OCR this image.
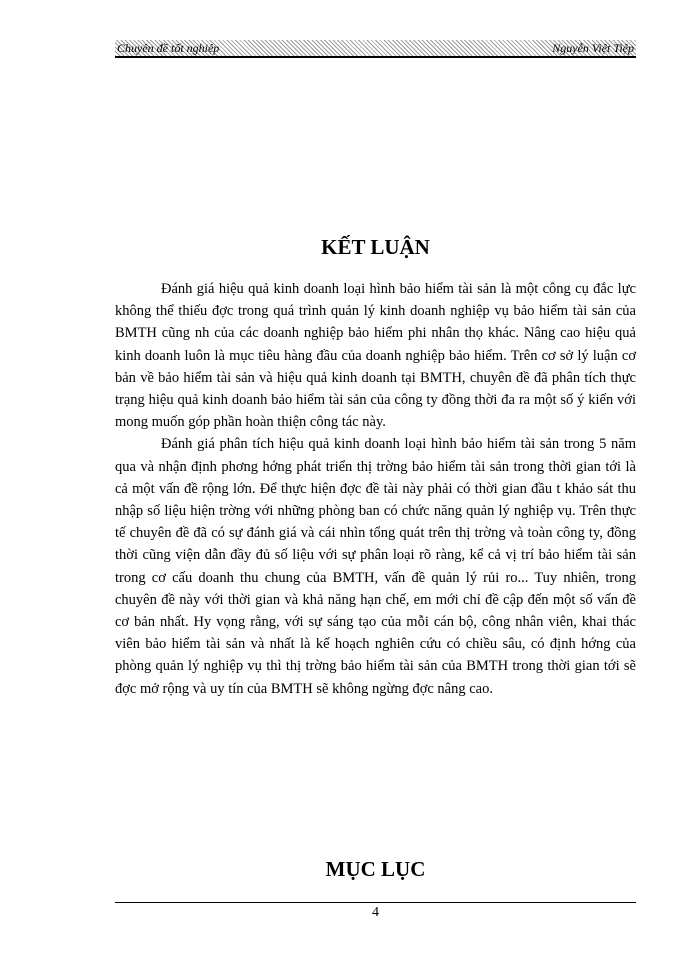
Chuyên đề tốt nghiệp	Nguyễn Việt Tiệp
KẾT LUẬN

Đánh giá hiệu quả kinh doanh loại hình bảo hiểm tài sản là một công cụ đắc lực không thể thiếu đợc trong quá trình quản lý kinh doanh nghiệp vụ bảo hiểm tài sản của BMTH cũng nh của các doanh nghiệp bảo hiểm phi nhân thọ khác. Nâng cao hiệu quả kinh doanh luôn là mục tiêu hàng đầu của doanh nghiệp bảo hiểm. Trên cơ sở lý luận cơ bản về bảo hiểm tài sản và hiệu quả kinh doanh tại BMTH, chuyên đề đã phân tích thực trạng hiệu quả kinh doanh bảo hiểm tài sản của công ty đồng thời đa ra một số ý kiến với mong muốn góp phần hoàn thiện công tác này.

Đánh giá phân tích hiệu quả kinh doanh loại hình bảo hiểm tài sản trong 5 năm qua và nhận định phơng hớng phát triển thị trờng bảo hiểm tài sản trong thời gian tới là cả một vấn đề rộng lớn. Để thực hiện đợc đề tài này phải có thời gian đầu t khảo sát thu nhập số liệu hiện trờng với những phòng ban có chức năng quản lý nghiệp vụ. Trên thực tế chuyên đề đã có sự đánh giá và cái nhìn tổng quát trên thị trờng và toàn công ty, đồng thời cũng viện dẫn đầy đủ số liệu với sự phân loại rõ ràng, kể cả vị trí bảo hiểm tài sản trong cơ cấu doanh thu chung của BMTH, vấn đề quản lý rủi ro... Tuy nhiên, trong chuyên đề này với thời gian và khả năng hạn chế, em mới chỉ đề cập đến một số vấn đề cơ bản nhất. Hy vọng rằng, với sự sáng tạo của mỗi cán bộ, công nhân viên, khai thác viên bảo hiểm tài sản và nhất là kế hoạch nghiên cứu có chiều sâu, có định hớng của phòng quản lý nghiệp vụ thì thị trờng bảo hiểm tài sản của BMTH trong thời gian tới sẽ đợc mở rộng và uy tín của BMTH sẽ không ngừng đợc nâng cao.

MỤC LỤC
4
